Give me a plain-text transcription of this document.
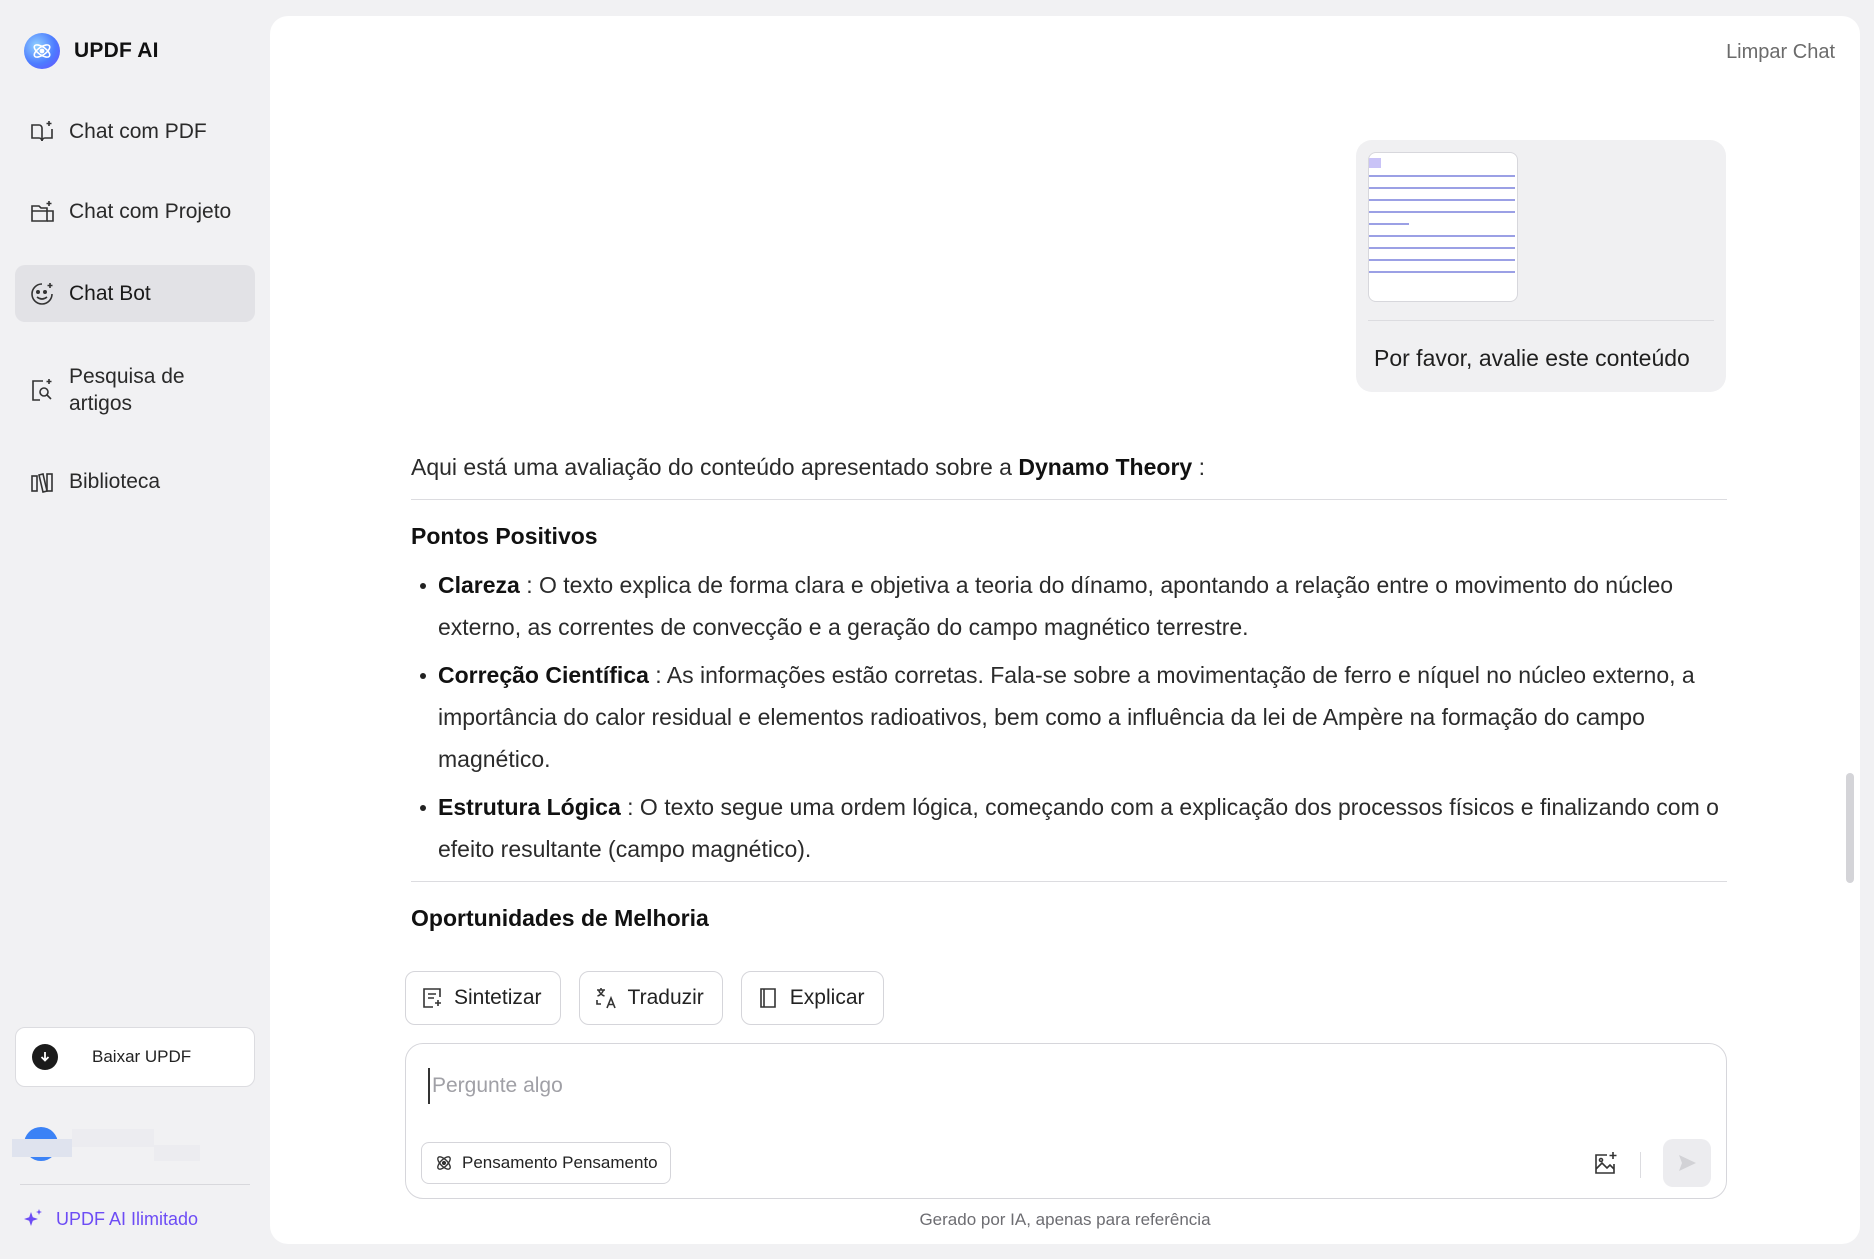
UPDF AI
Chat com PDF
Chat com Projeto
Chat Bot
Pesquisa de artigos
Biblioteca
Baixar UPDF
UPDF AI Ilimitado
Limpar Chat
Por favor, avalie este conteúdo

Aqui está uma avaliação do conteúdo apresentado sobre a Dynamo Theory :

Pontos Positivos
Clareza : O texto explica de forma clara e objetiva a teoria do dínamo, apontando a relação entre o movimento do núcleo externo, as correntes de convecção e a geração do campo magnético terrestre.
Correção Científica : As informações estão corretas. Fala-se sobre a movimentação de ferro e níquel no núcleo externo, a importância do calor residual e elementos radioativos, bem como a influência da lei de Ampère na formação do campo magnético.
Estrutura Lógica : O texto segue uma ordem lógica, começando com a explicação dos processos físicos e finalizando com o efeito resultante (campo magnético).
Oportunidades de Melhoria
Sintetizar	Traduzir	Explicar
Pergunte algo
Pensamento Pensamento
Gerado por IA, apenas para referência
